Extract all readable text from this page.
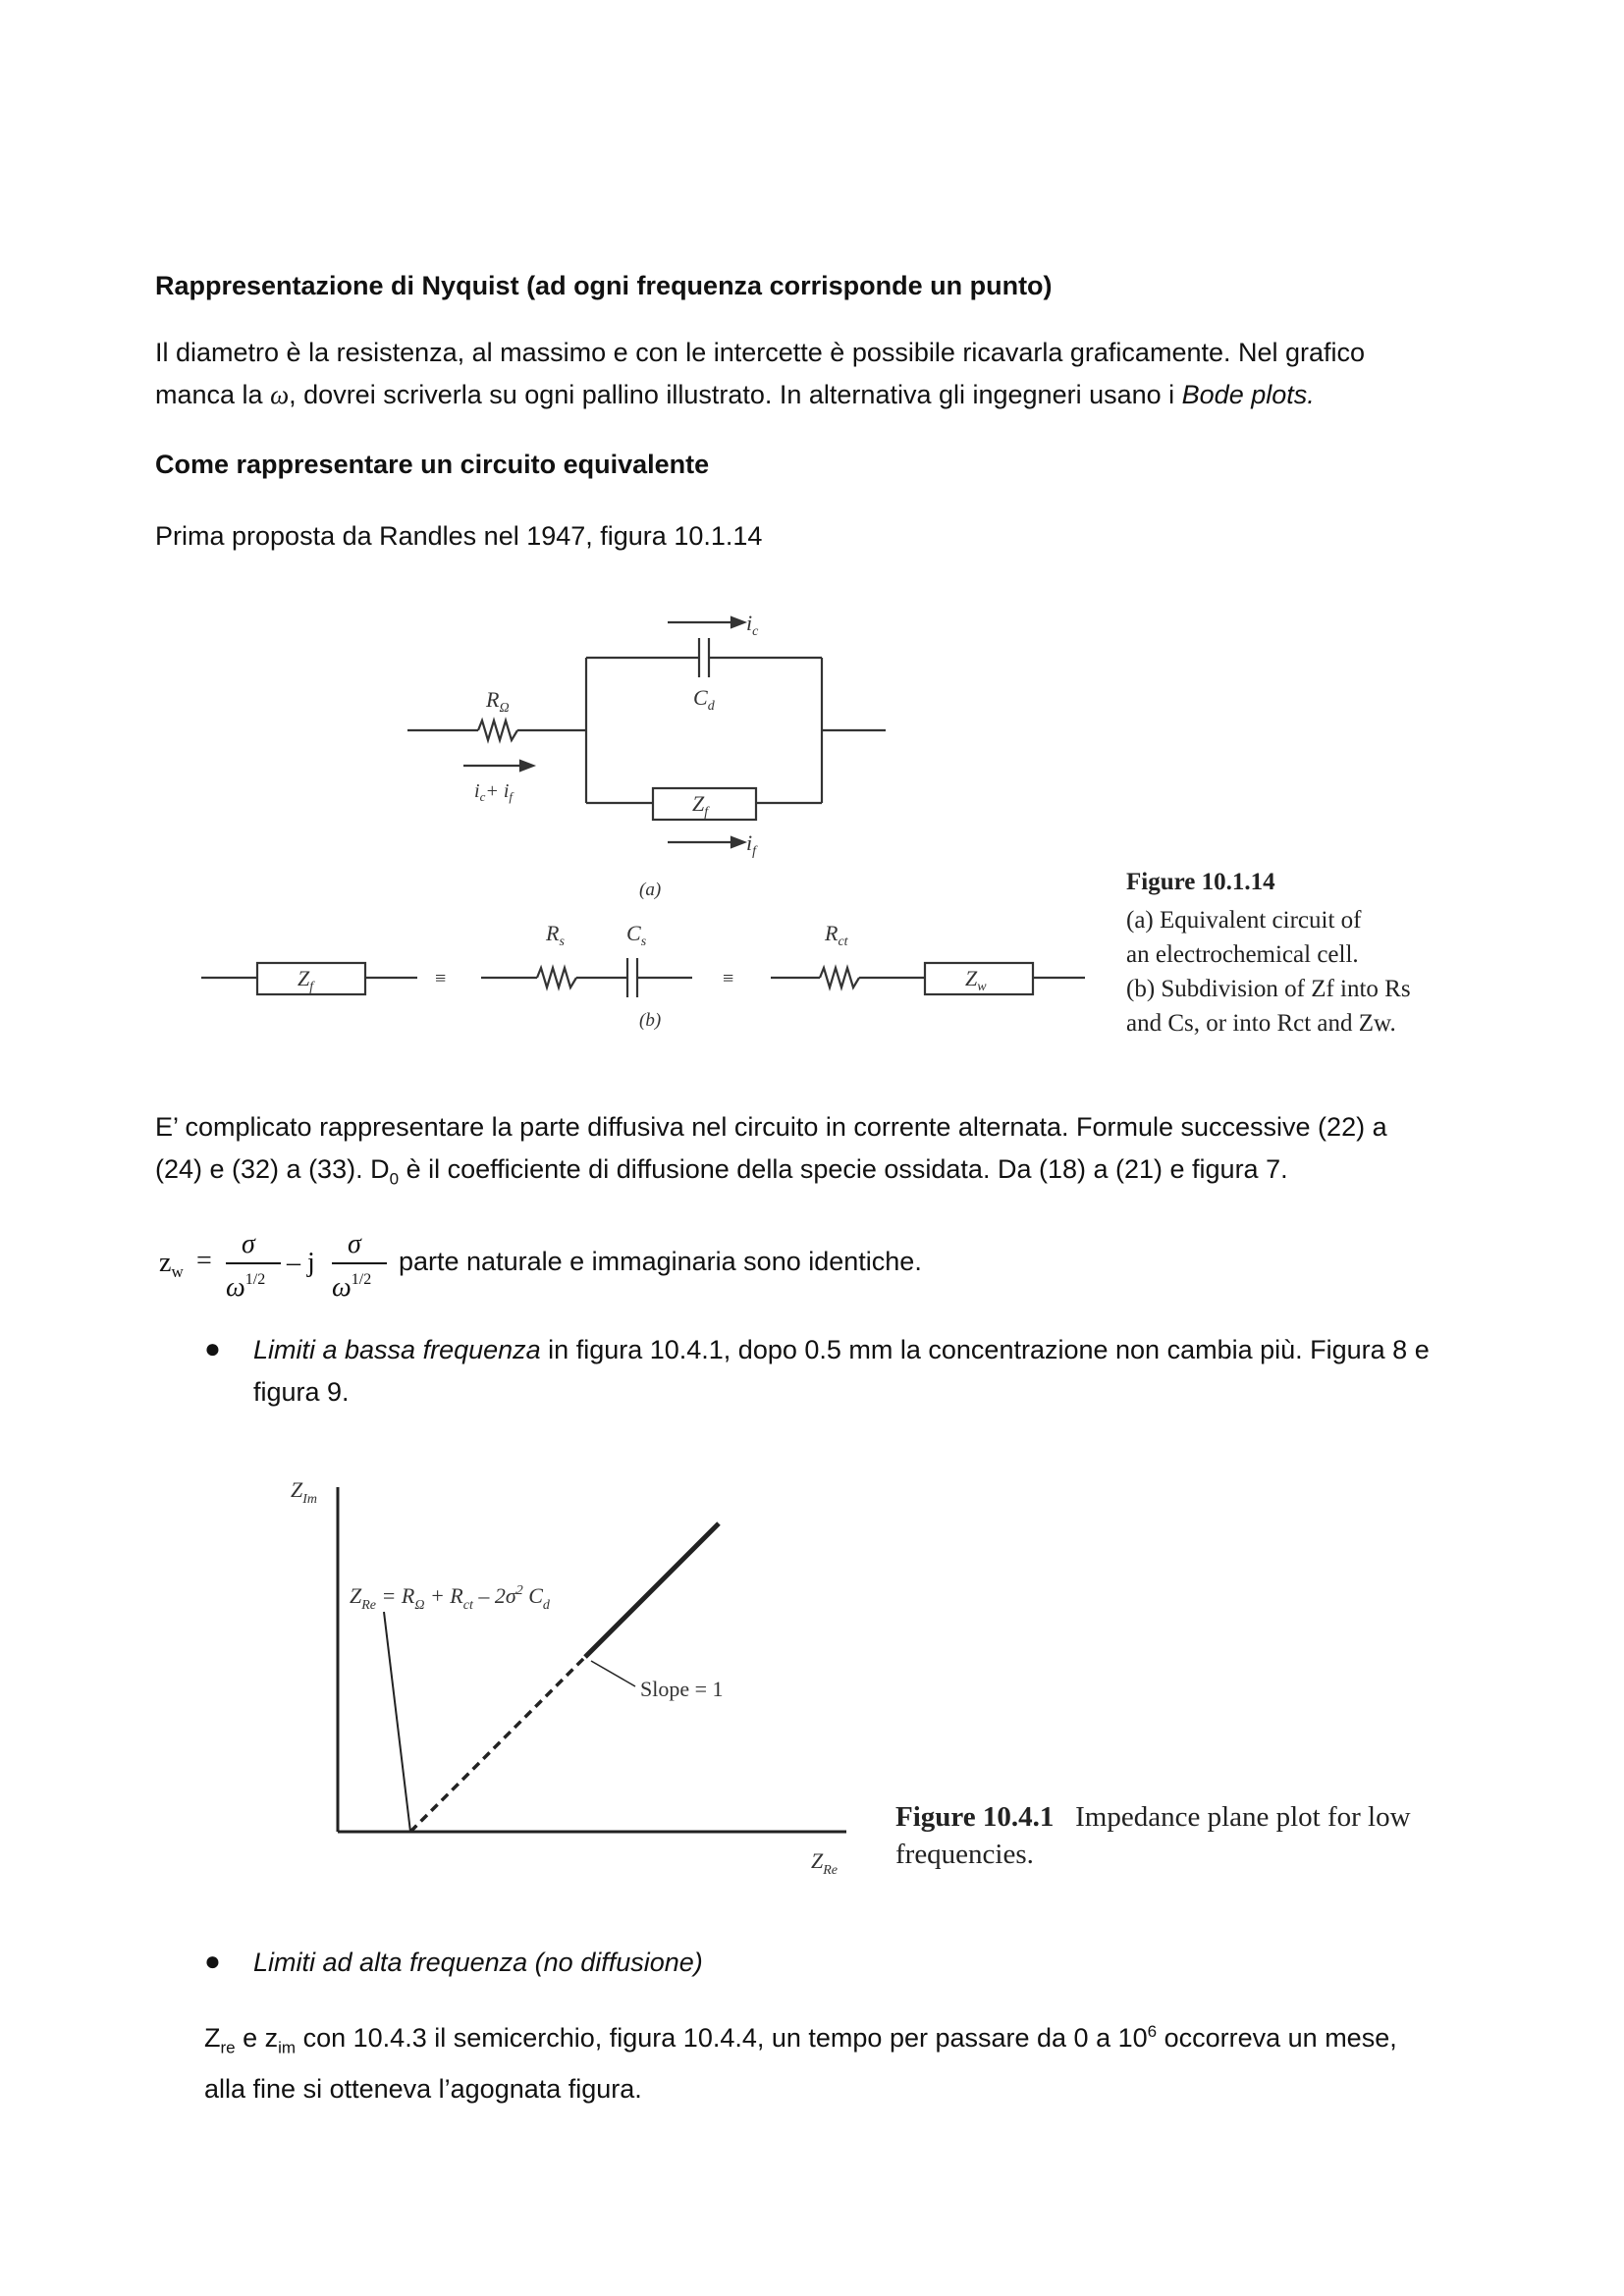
Rappresentazione di Nyquist (ad ogni frequenza corrisponde un punto)
Il diametro è la resistenza, al massimo e con le intercette è possibile ricavarla graficamente. Nel grafico
manca la ω, dovrei scriverla su ogni pallino illustrato. In alternativa gli ingegneri usano i Bode plots.
Come rappresentare un circuito equivalente
Prima proposta da Randles nel 1947, figura 10.1.14
$i_c$
$R_\Omega$	$C_d$
$i_c+ i_f$	$Z_f$
$i_f$
(a)
$Z_f$	≡
$R_s$	$C_s$
≡
$R_{ct}$
$Z_w$
(b)
Figure 10.1.14
(a) Equivalent circuit of
an electrochemical cell.
(b) Subdivision of Zf into Rs
and Cs, or into Rct and Zw.
E’ complicato rappresentare la parte diffusiva nel circuito in corrente alternata. Formule successive (22) a
(24) e (32) a (33). $D_0$ è il coefficiente di diffusione della specie ossidata. Da (18) a (21) e figura 7.
$z_w$ =
σ
$\omega^{1/2}$
– j
σ
$\omega^{1/2}$
parte naturale e immaginaria sono identiche.
● Limiti a bassa frequenza in figura 10.4.1, dopo 0.5 mm la concentrazione non cambia più. Figura 8 e
figura 9.
$Z_{Im}$
$Z_{Re}$
$Z_{Re} = R_\Omega + R_{ct} - 2\sigma^2$ $C_d$
Slope = 1
Figure 10.4.1 Impedance plane plot for low
frequencies.
● Limiti ad alta frequenza (no diffusione)
$Z_{re}$ e $z_{im}$ con 10.4.3 il semicerchio, figura 10.4.4, un tempo per passare da 0 a $10^6$ occorreva un mese,
alla fine si otteneva l’agognata figura.
